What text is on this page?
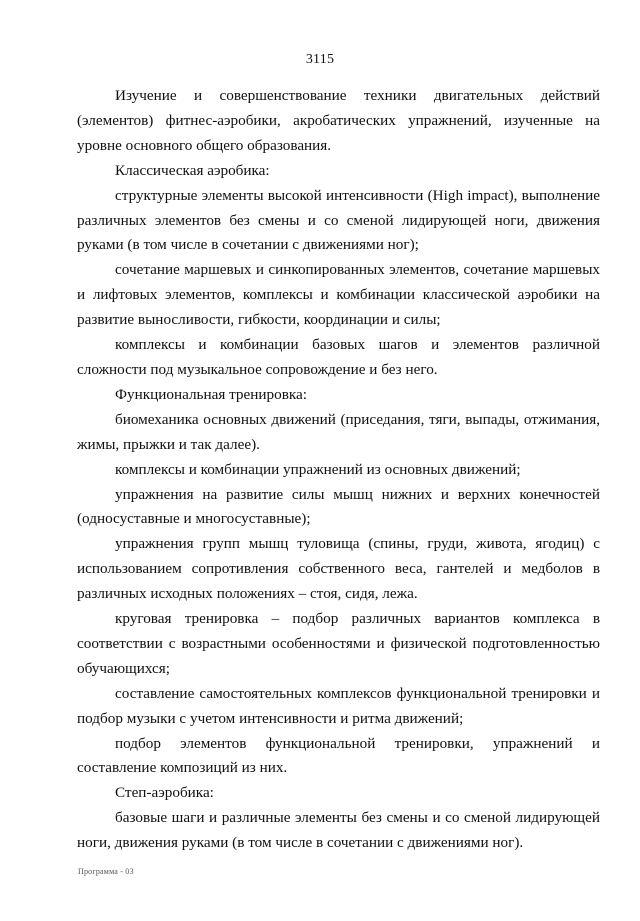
3115

Изучение и совершенствование техники двигательных действий (элементов) фитнес-аэробики, акробатических упражнений, изученные на уровне основного общего образования.

Классическая аэробика:

структурные элементы высокой интенсивности (High impact), выполнение различных элементов без смены и со сменой лидирующей ноги, движения руками (в том числе в сочетании с движениями ног);

сочетание маршевых и синкопированных элементов, сочетание маршевых и лифтовых элементов, комплексы и комбинации классической аэробики на развитие выносливости, гибкости, координации и силы;

комплексы и комбинации базовых шагов и элементов различной сложности под музыкальное сопровождение и без него.

Функциональная тренировка:

биомеханика основных движений (приседания, тяги, выпады, отжимания, жимы, прыжки и так далее).

комплексы и комбинации упражнений из основных движений;

упражнения на развитие силы мышц нижних и верхних конечностей (односуставные и многосуставные);

упражнения групп мышц туловища (спины, груди, живота, ягодиц) с использованием сопротивления собственного веса, гантелей и медболов в различных исходных положениях – стоя, сидя, лежа.

круговая тренировка – подбор различных вариантов комплекса в соответствии с возрастными особенностями и физической подготовленностью обучающихся;

составление самостоятельных комплексов функциональной тренировки и подбор музыки с учетом интенсивности и ритма движений;

подбор элементов функциональной тренировки, упражнений и составление композиций из них.

Степ-аэробика:

базовые шаги и различные элементы без смены и со сменой лидирующей ноги, движения руками (в том числе в сочетании с движениями ног).

Программа - 03
